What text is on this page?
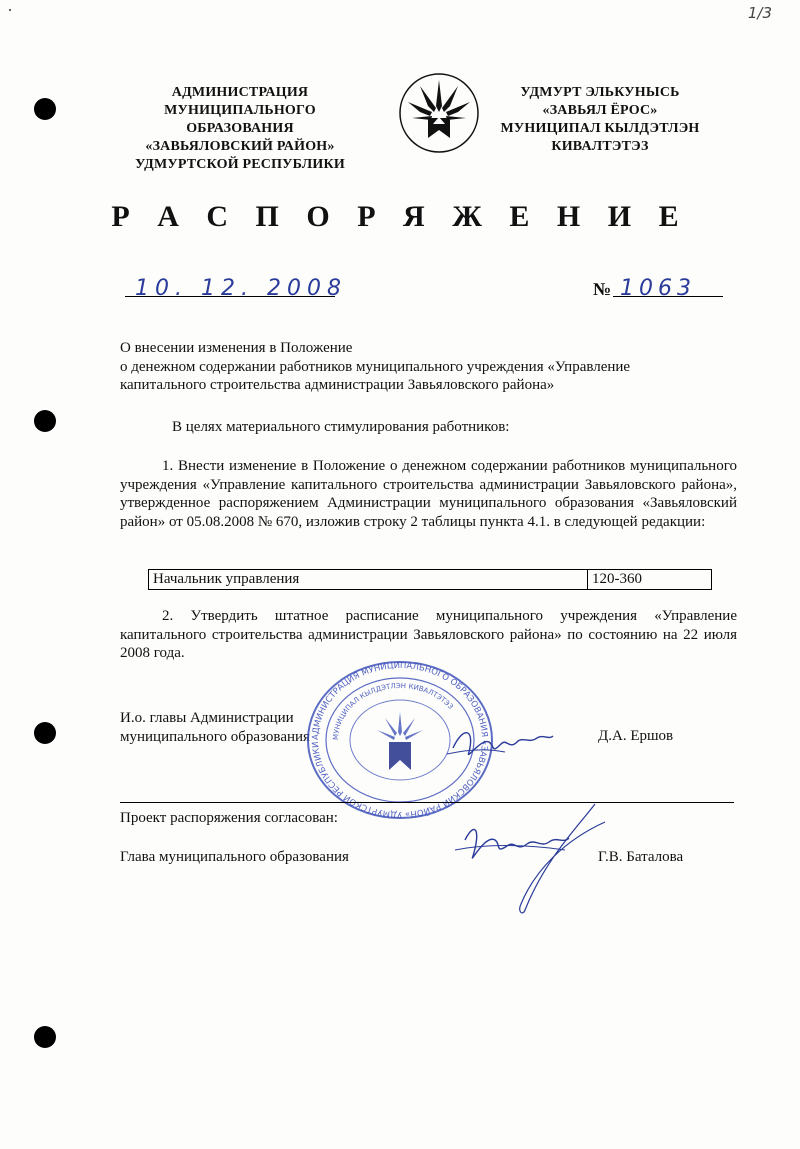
1/3
АДМИНИСТРАЦИЯ
МУНИЦИПАЛЬНОГО ОБРАЗОВАНИЯ
«ЗАВЬЯЛОВСКИЙ РАЙОН»
УДМУРТСКОЙ РЕСПУБЛИКИ
УДМУРТ ЭЛЬКУНЫСЬ
«ЗАВЬЯЛ ЁРОС»
МУНИЦИПАЛ КЫЛДЭТЛЭН
КИВАЛТЭТЭЗ
Р А С П О Р Я Ж Е Н И Е
10. 12. 2008	№ 1063
О внесении изменения в Положение
о денежном содержании работников муниципального учреждения «Управление
капитального строительства администрации Завьяловского района»
В целях материального стимулирования работников:
1. Внести изменение в Положение о денежном содержании работников муниципального учреждения «Управление капитального строительства администрации Завьяловского района», утвержденное распоряжением Администрации муниципального образования «Завьяловский район» от 05.08.2008 № 670, изложив строку 2 таблицы пункта 4.1. в следующей редакции:
Начальник управления	120-360
2. Утвердить штатное расписание муниципального учреждения «Управление капитального строительства администрации Завьяловского района» по состоянию на 22 июля 2008 года.
И.о. главы Администрации
муниципального образования	Д.А. Ершов
АДМИНИСТРАЦИЯ МУНИЦИПАЛЬНОГО ОБРАЗОВАНИЯ «ЗАВЬЯЛОВСКИЙ РАЙОН» УДМУРТСКОЙ РЕСПУБЛИКИ
МУНИЦИПАЛ КЫЛДЭТЛЭН КИВАЛТЭТЭЗ
Проект распоряжения согласован:
Глава муниципального образования	Г.В. Баталова
